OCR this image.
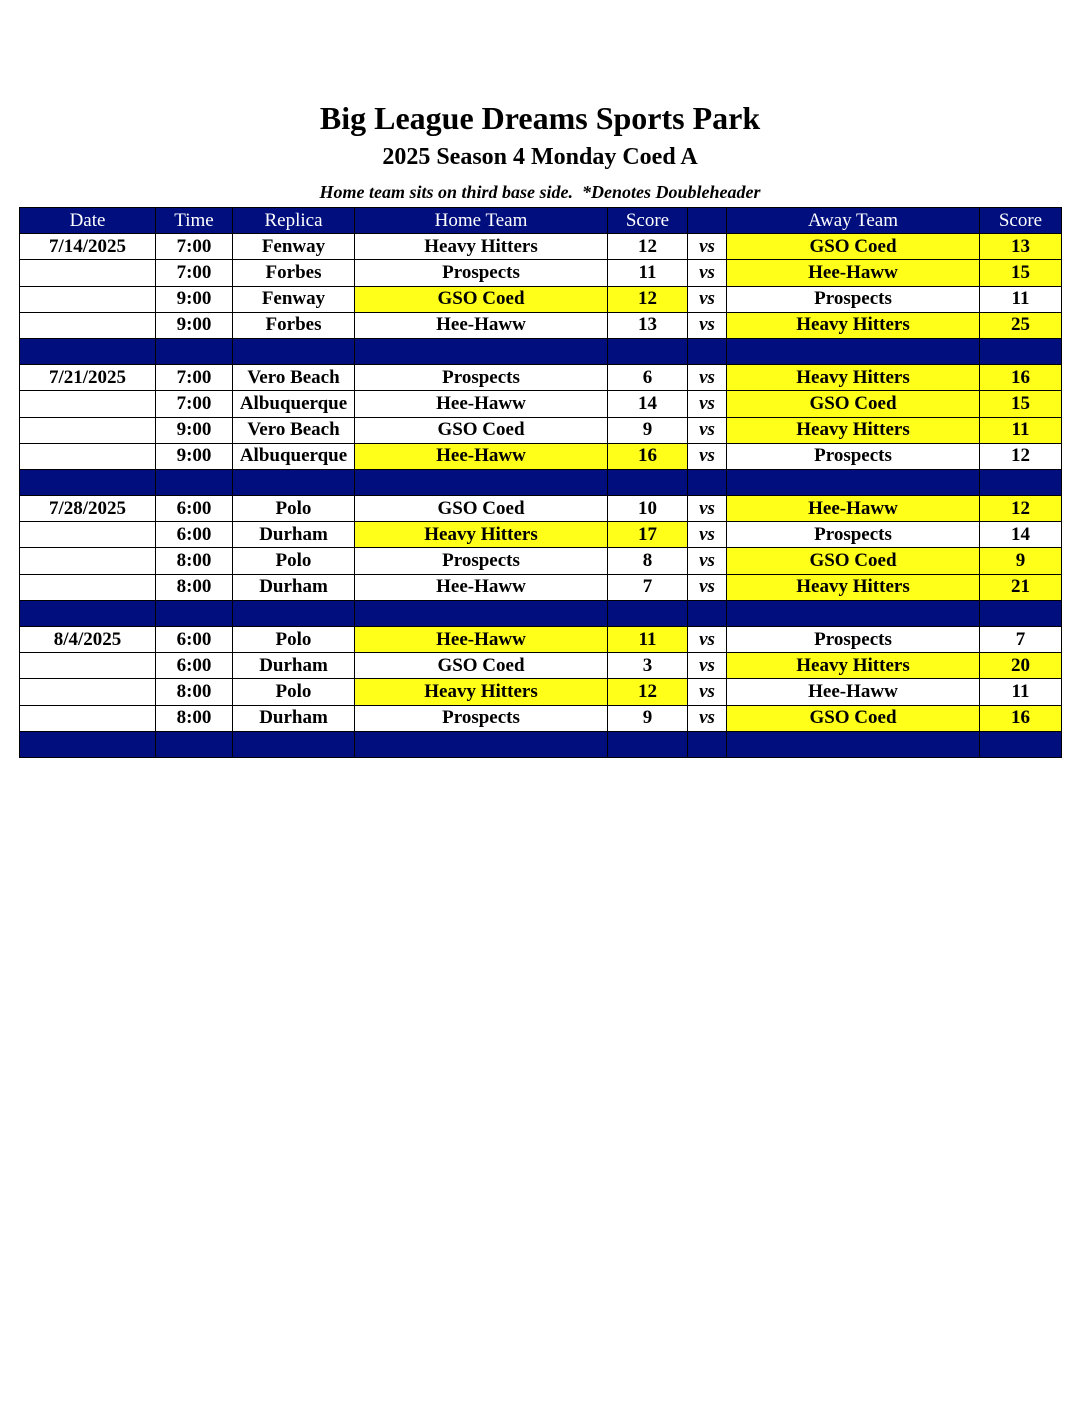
Big League Dreams Sports Park
2025 Season 4 Monday Coed A
Home team sits on third base side.  *Denotes Doubleheader
Date	Time	Replica	Home Team	Score		Away Team	Score
7/14/2025	7:00	Fenway	Heavy Hitters	12	vs	GSO Coed	13
	7:00	Forbes	Prospects	11	vs	Hee-Haww	15
	9:00	Fenway	GSO Coed	12	vs	Prospects	11
	9:00	Forbes	Hee-Haww	13	vs	Heavy Hitters	25

7/21/2025	7:00	Vero Beach	Prospects	6	vs	Heavy Hitters	16
	7:00	Albuquerque	Hee-Haww	14	vs	GSO Coed	15
	9:00	Vero Beach	GSO Coed	9	vs	Heavy Hitters	11
	9:00	Albuquerque	Hee-Haww	16	vs	Prospects	12

7/28/2025	6:00	Polo	GSO Coed	10	vs	Hee-Haww	12
	6:00	Durham	Heavy Hitters	17	vs	Prospects	14
	8:00	Polo	Prospects	8	vs	GSO Coed	9
	8:00	Durham	Hee-Haww	7	vs	Heavy Hitters	21

8/4/2025	6:00	Polo	Hee-Haww	11	vs	Prospects	7
	6:00	Durham	GSO Coed	3	vs	Heavy Hitters	20
	8:00	Polo	Heavy Hitters	12	vs	Hee-Haww	11
	8:00	Durham	Prospects	9	vs	GSO Coed	16
